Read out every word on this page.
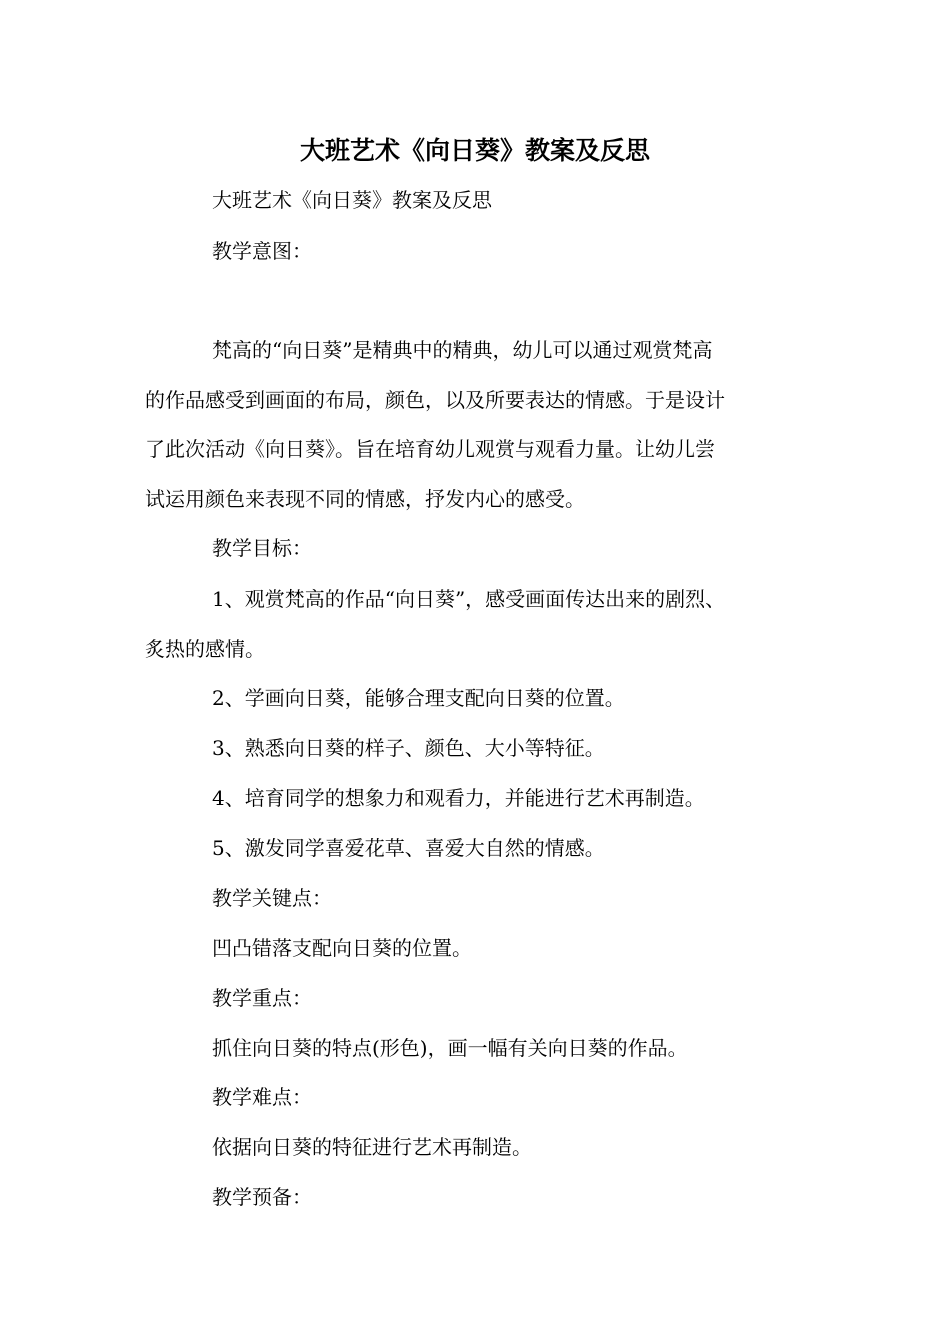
大班艺术《向日葵》教案及反思
大班艺术《向日葵》教案及反思
教学意图：
梵高的“向日葵”是精典中的精典，幼儿可以通过观赏梵高
的作品感受到画面的布局，颜色，以及所要表达的情感。于是设计
了此次活动《向日葵》。旨在培育幼儿观赏与观看力量。让幼儿尝
试运用颜色来表现不同的情感，抒发内心的感受。
教学目标：
1、观赏梵高的作品“向日葵”，感受画面传达出来的剧烈、
炙热的感情。
2、学画向日葵，能够合理支配向日葵的位置。
3、熟悉向日葵的样子、颜色、大小等特征。
4、培育同学的想象力和观看力，并能进行艺术再制造。
5、激发同学喜爱花草、喜爱大自然的情感。
教学关键点：
凹凸错落支配向日葵的位置。
教学重点：
抓住向日葵的特点(形色)，画一幅有关向日葵的作品。
教学难点：
依据向日葵的特征进行艺术再制造。
教学预备：
